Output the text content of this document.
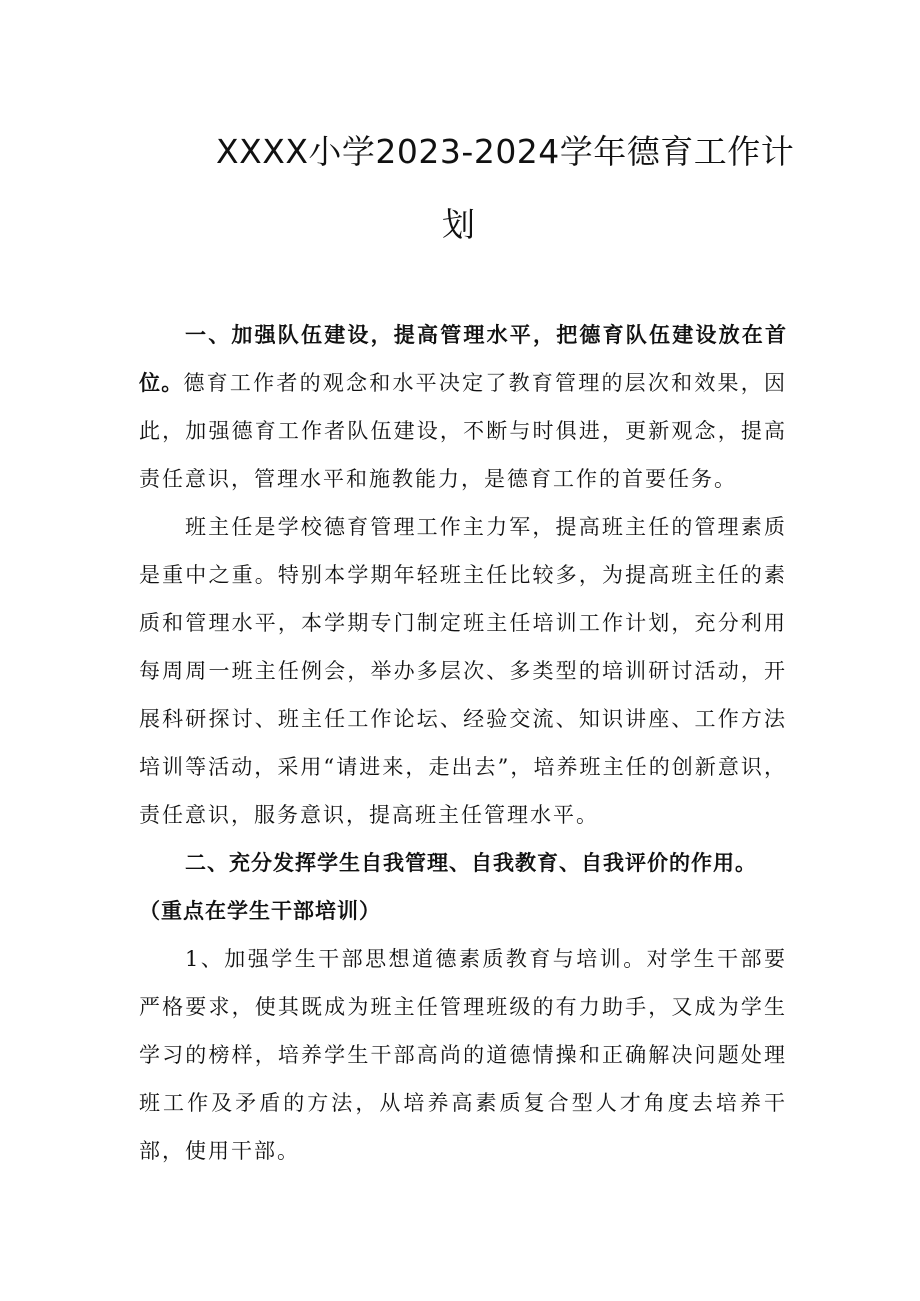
XXXX小学2023-2024学年德育工作计
划

一、加强队伍建设，提高管理水平，把德育队伍建设放在首位。德育工作者的观念和水平决定了教育管理的层次和效果，因此，加强德育工作者队伍建设，不断与时俱进，更新观念，提高责任意识，管理水平和施教能力，是德育工作的首要任务。

班主任是学校德育管理工作主力军，提高班主任的管理素质是重中之重。特别本学期年轻班主任比较多，为提高班主任的素质和管理水平，本学期专门制定班主任培训工作计划，充分利用每周周一班主任例会，举办多层次、多类型的培训研讨活动，开展科研探讨、班主任工作论坛、经验交流、知识讲座、工作方法培训等活动，采用“请进来，走出去”，培养班主任的创新意识，责任意识，服务意识，提高班主任管理水平。

二、充分发挥学生自我管理、自我教育、自我评价的作用。

（重点在学生干部培训）

1、加强学生干部思想道德素质教育与培训。对学生干部要严格要求，使其既成为班主任管理班级的有力助手，又成为学生学习的榜样，培养学生干部高尚的道德情操和正确解决问题处理班工作及矛盾的方法，从培养高素质复合型人才角度去培养干部，使用干部。
